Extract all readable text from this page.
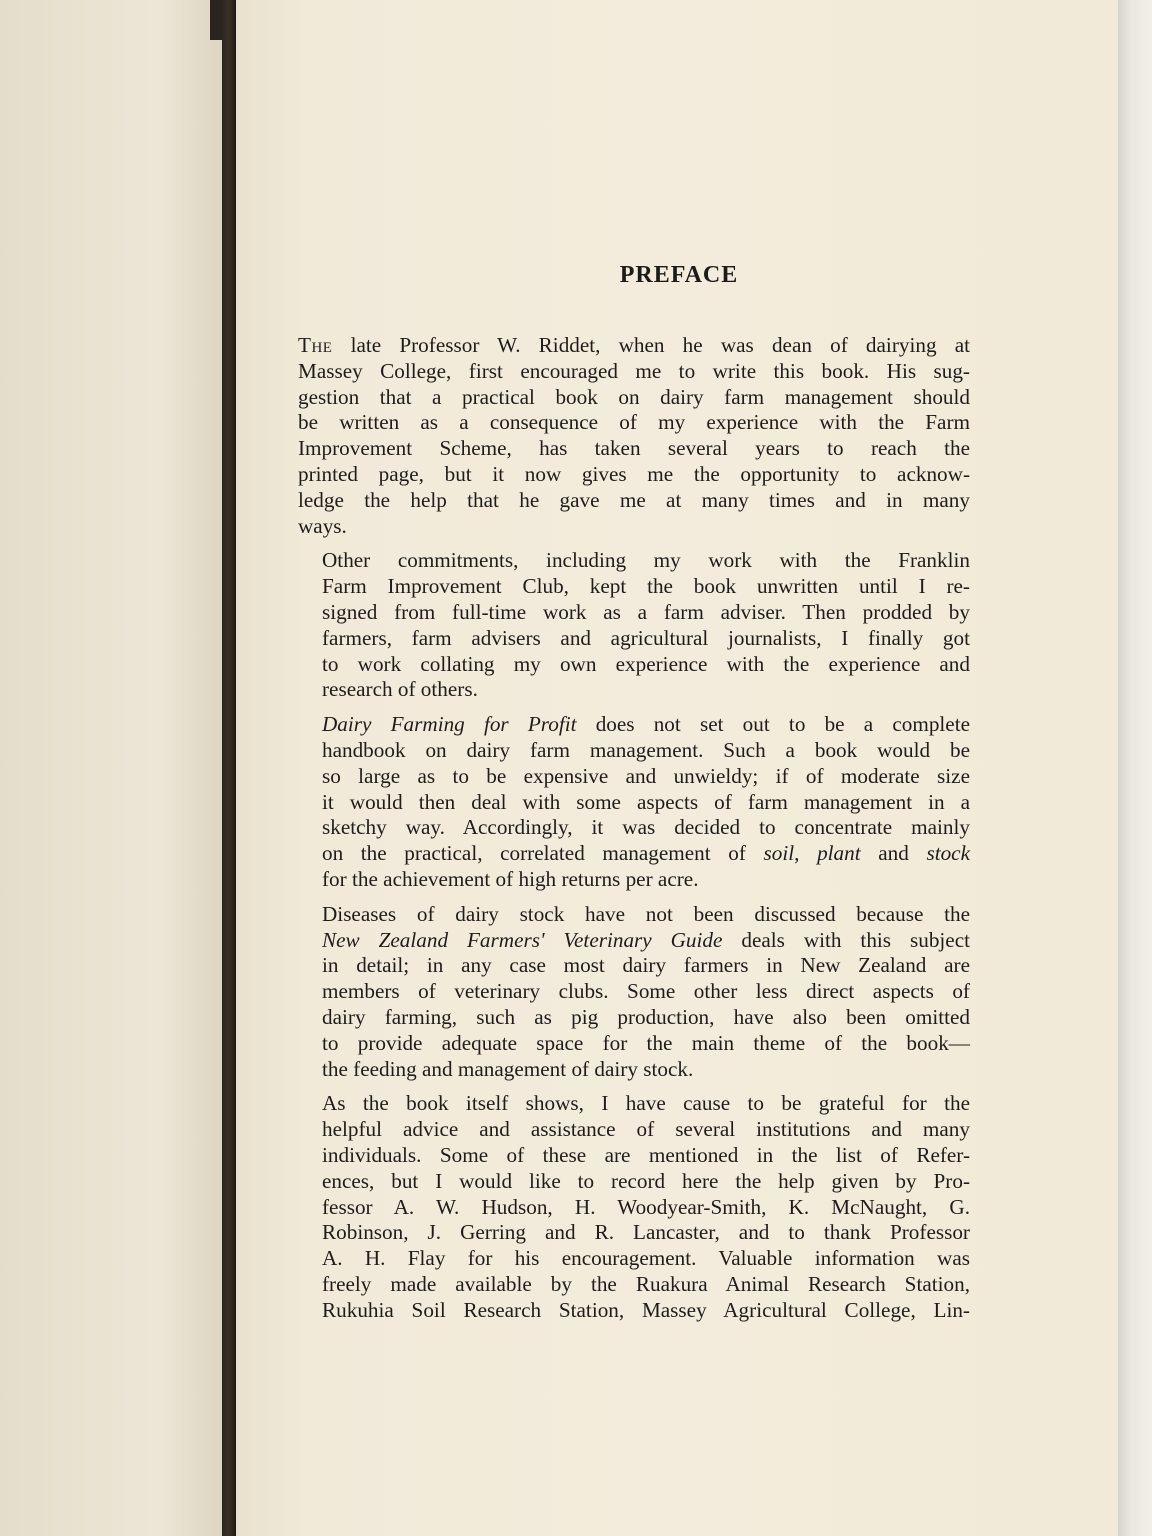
PREFACE
The late Professor W. Riddet, when he was dean of dairying at
Massey College, first encouraged me to write this book. His sug-
gestion that a practical book on dairy farm management should
be written as a consequence of my experience with the Farm
Improvement Scheme, has taken several years to reach the
printed page, but it now gives me the opportunity to acknow-
ledge the help that he gave me at many times and in many
ways.
Other commitments, including my work with the Franklin
Farm Improvement Club, kept the book unwritten until I re-
signed from full-time work as a farm adviser. Then prodded by
farmers, farm advisers and agricultural journalists, I finally got
to work collating my own experience with the experience and
research of others.
Dairy Farming for Profit does not set out to be a complete
handbook on dairy farm management. Such a book would be
so large as to be expensive and unwieldy; if of moderate size
it would then deal with some aspects of farm management in a
sketchy way. Accordingly, it was decided to concentrate mainly
on the practical, correlated management of soil, plant and stock
for the achievement of high returns per acre.
Diseases of dairy stock have not been discussed because the
New Zealand Farmers' Veterinary Guide deals with this subject
in detail; in any case most dairy farmers in New Zealand are
members of veterinary clubs. Some other less direct aspects of
dairy farming, such as pig production, have also been omitted
to provide adequate space for the main theme of the book—
the feeding and management of dairy stock.
As the book itself shows, I have cause to be grateful for the
helpful advice and assistance of several institutions and many
individuals. Some of these are mentioned in the list of Refer-
ences, but I would like to record here the help given by Pro-
fessor A. W. Hudson, H. Woodyear-Smith, K. McNaught, G.
Robinson, J. Gerring and R. Lancaster, and to thank Professor
A. H. Flay for his encouragement. Valuable information was
freely made available by the Ruakura Animal Research Station,
Rukuhia Soil Research Station, Massey Agricultural College, Lin-
